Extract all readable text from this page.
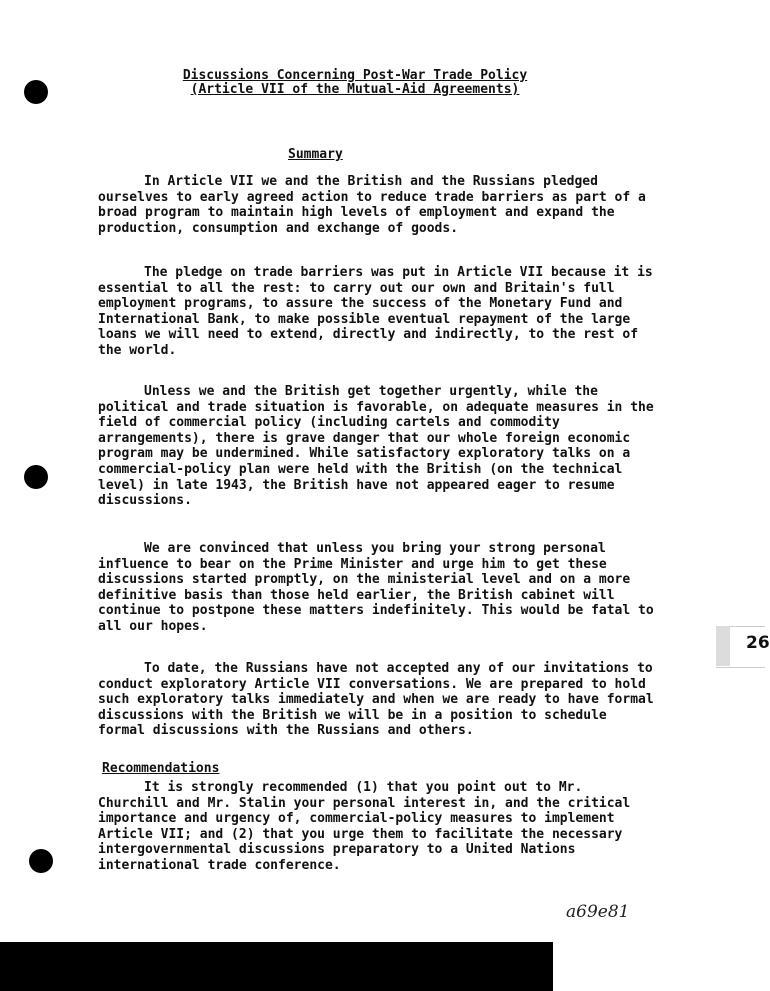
Discussions Concerning Post-War Trade Policy
(Article VII of the Mutual-Aid Agreements)
Summary

In Article VII we and the British and the Russians pledged ourselves to early agreed action to reduce trade barriers as part of a broad program to maintain high levels of employment and expand the production, consumption and exchange of goods.

The pledge on trade barriers was put in Article VII because it is essential to all the rest: to carry out our own and Britain's full employment programs, to assure the success of the Monetary Fund and International Bank, to make possible eventual repayment of the large loans we will need to extend, directly and indirectly, to the rest of the world.

Unless we and the British get together urgently, while the political and trade situation is favorable, on adequate measures in the field of commercial policy (including cartels and commodity arrangements), there is grave danger that our whole foreign economic program may be undermined. While satisfactory exploratory talks on a commercial-policy plan were held with the British (on the technical level) in late 1943, the British have not appeared eager to resume discussions.

We are convinced that unless you bring your strong personal influence to bear on the Prime Minister and urge him to get these discussions started promptly, on the ministerial level and on a more definitive basis than those held earlier, the British cabinet will continue to postpone these matters indefinitely. This would be fatal to all our hopes.

To date, the Russians have not accepted any of our invitations to conduct exploratory Article VII conversations. We are prepared to hold such exploratory talks immediately and when we are ready to have formal discussions with the British we will be in a position to schedule formal discussions with the Russians and others.

Recommendations

It is strongly recommended (1) that you point out to Mr. Churchill and Mr. Stalin your personal interest in, and the critical importance and urgency of, commercial-policy measures to implement Article VII; and (2) that you urge them to facilitate the necessary intergovernmental discussions preparatory to a United Nations international trade conference.

26
a69e81
